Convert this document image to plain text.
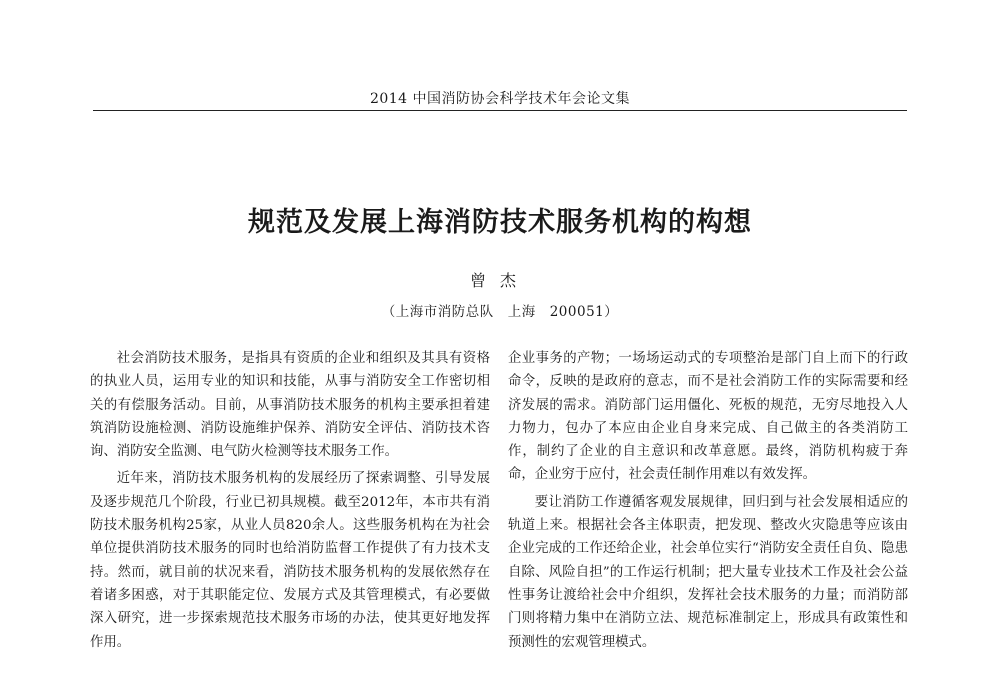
2014 中国消防协会科学技术年会论文集
规范及发展上海消防技术服务机构的构想
曾杰
（上海市消防总队　上海　200051）

社会消防技术服务，是指具有资质的企业和组织及其具有资格的执业人员，运用专业的知识和技能，从事与消防安全工作密切相关的有偿服务活动。目前，从事消防技术服务的机构主要承担着建筑消防设施检测、消防设施维护保养、消防安全评估、消防技术咨询、消防安全监测、电气防火检测等技术服务工作。

近年来，消防技术服务机构的发展经历了探索调整、引导发展及逐步规范几个阶段，行业已初具规模。截至2012年，本市共有消防技术服务机构25家，从业人员820余人。这些服务机构在为社会单位提供消防技术服务的同时也给消防监督工作提供了有力技术支持。然而，就目前的状况来看，消防技术服务机构的发展依然存在着诸多困惑，对于其职能定位、发展方式及其管理模式，有必要做深入研究，进一步探索规范技术服务市场的办法，使其更好地发挥作用。

企业事务的产物；一场场运动式的专项整治是部门自上而下的行政命令，反映的是政府的意志，而不是社会消防工作的实际需要和经济发展的需求。消防部门运用僵化、死板的规范，无穷尽地投入人力物力，包办了本应由企业自身来完成、自己做主的各类消防工作，制约了企业的自主意识和改革意愿。最终，消防机构疲于奔命，企业穷于应付，社会责任制作用难以有效发挥。

要让消防工作遵循客观发展规律，回归到与社会发展相适应的轨道上来。根据社会各主体职责，把发现、整改火灾隐患等应该由企业完成的工作还给企业，社会单位实行“消防安全责任自负、隐患自除、风险自担”的工作运行机制；把大量专业技术工作及社会公益性事务让渡给社会中介组织，发挥社会技术服务的力量；而消防部门则将精力集中在消防立法、规范标准制定上，形成具有政策性和预测性的宏观管理模式。
